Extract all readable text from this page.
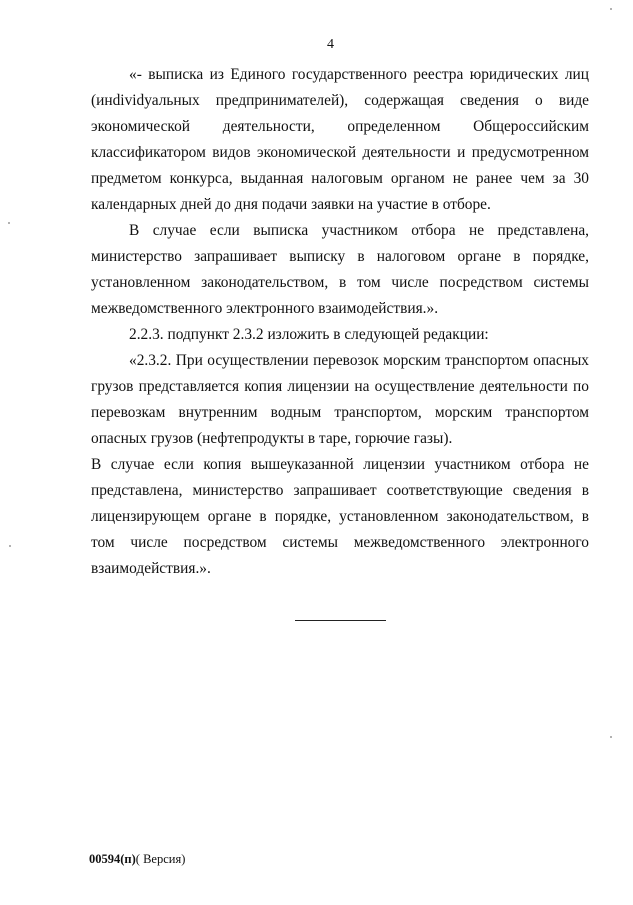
4

«- выписка из Единого государственного реестра юридических лиц (инdividуальных предпринимателей), содержащая сведения о виде экономической деятельности, определенном Общероссийским классификатором видов экономической деятельности и предусмотренном предметом конкурса, выданная налоговым органом не ранее чем за 30 календарных дней до дня подачи заявки на участие в отборе.

В случае если выписка участником отбора не представлена, министерство запрашивает выписку в налоговом органе в порядке, установленном законодательством, в том числе посредством системы межведомственного электронного взаимодействия.».

2.2.3. подпункт 2.3.2 изложить в следующей редакции:

«2.3.2. При осуществлении перевозок морским транспортом опасных грузов представляется копия лицензии на осуществление деятельности по перевозкам внутренним водным транспортом, морским транспортом опасных грузов (нефтепродукты в таре, горючие газы).

В случае если копия вышеуказанной лицензии участником отбора не представлена, министерство запрашивает соответствующие сведения в лицензирующем органе в порядке, установленном законодательством, в том числе посредством системы межведомственного электронного взаимодействия.».

00594(п)( Версия)
